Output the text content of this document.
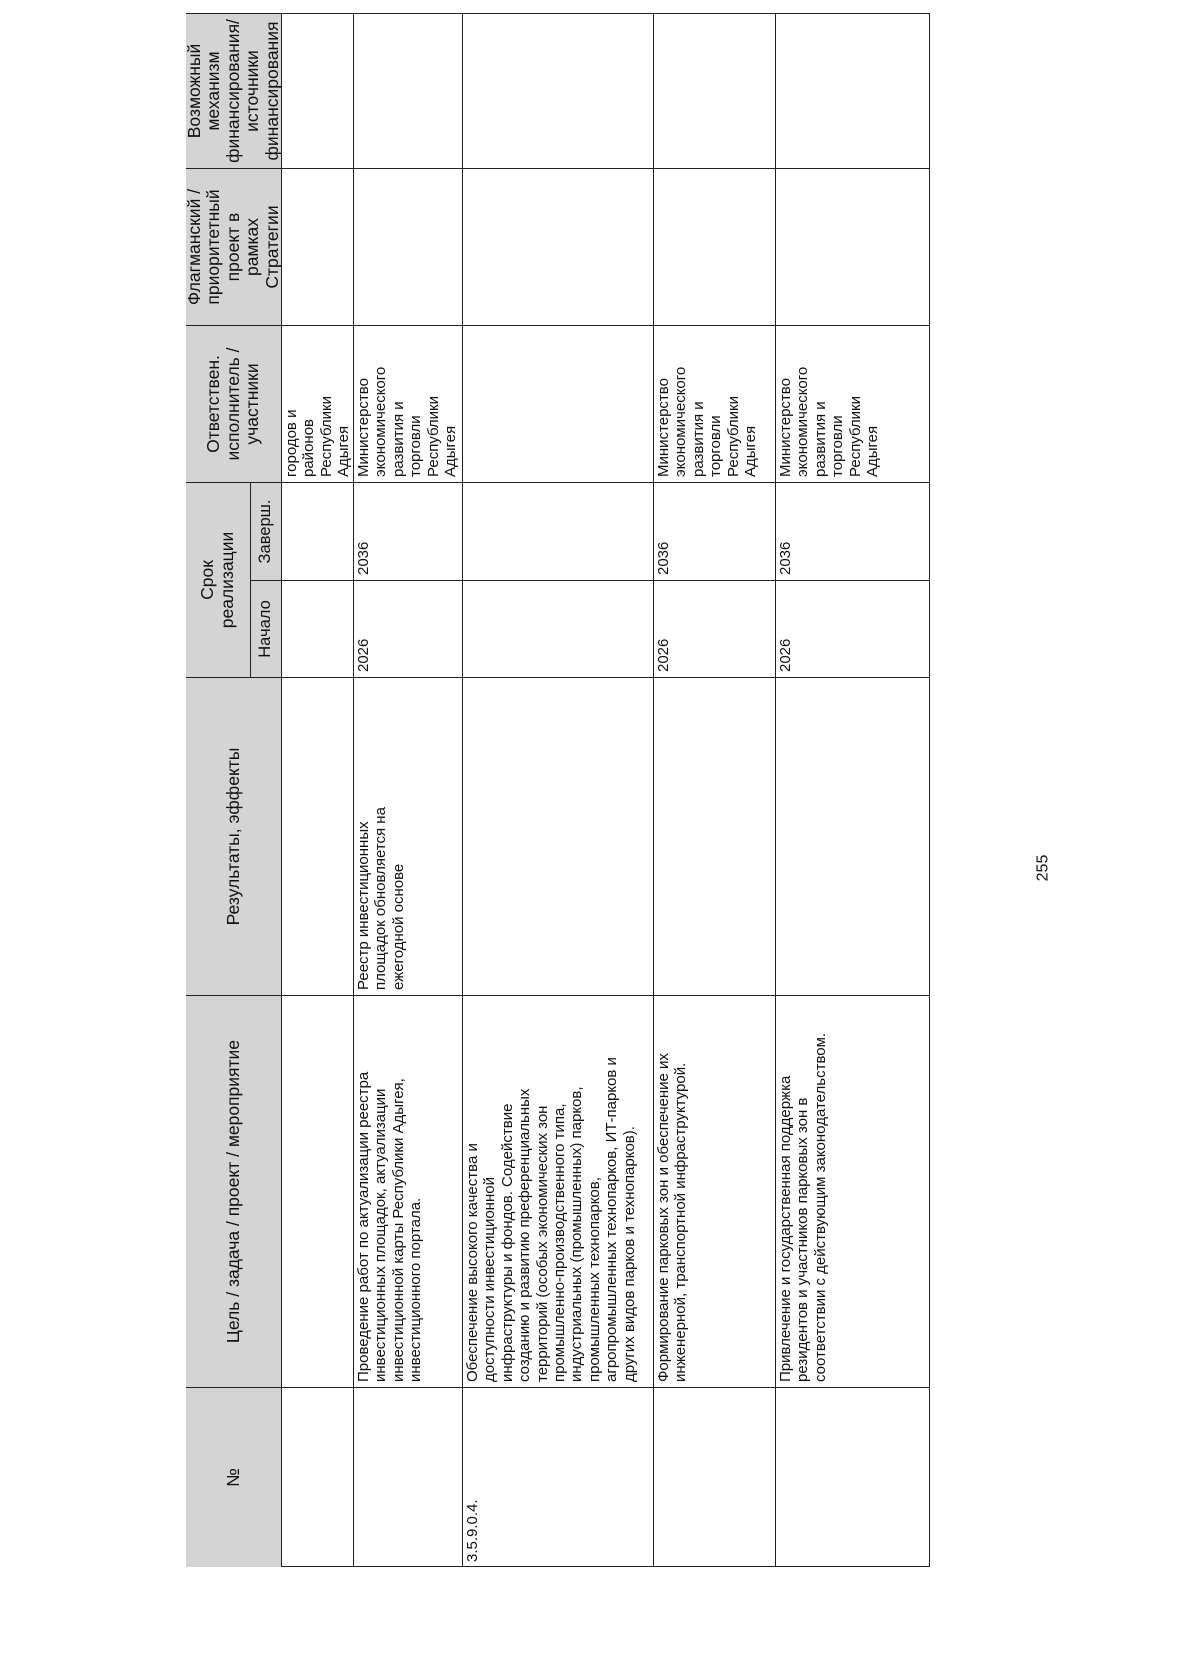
№
Цель / задача / проект / мероприятие
Результаты, эффекты
Срок
реализации
Начало
Заверш.
Ответствен.
исполнитель /
участники
Флагманский /
приоритетный
проект в
рамках
Стратегии
Возможный
механизм
финансирования/
источники
финансирования
городов и
районов
Республики
Адыгея
Проведение работ по актуализации реестра
инвестиционных площадок, актуализации
инвестиционной карты Республики Адыгея,
инвестиционного портала.
Реестр инвестиционных
площадок обновляется на
ежегодной основе
2026
2036
Министерство
экономического
развития и
торговли
Республики
Адыгея
3.5.9.0.4.
Обеспечение высокого качества и
доступности инвестиционной
инфраструктуры и фондов. Содействие
созданию и развитию преференциальных
территорий (особых экономических зон
промышленно-производственного типа,
индустриальных (промышленных) парков,
промышленных технопарков,
агропромышленных технопарков, ИТ-парков и
других видов парков и технопарков).
Формирование парковых зон и обеспечение их
инженерной, транспортной инфраструктурой.
2026
2036
Министерство
экономического
развития и
торговли
Республики
Адыгея
Привлечение и государственная поддержка
резидентов и участников парковых зон в
соответствии с действующим законодательством.
2026
2036
Министерство
экономического
развития и
торговли
Республики
Адыгея
255
